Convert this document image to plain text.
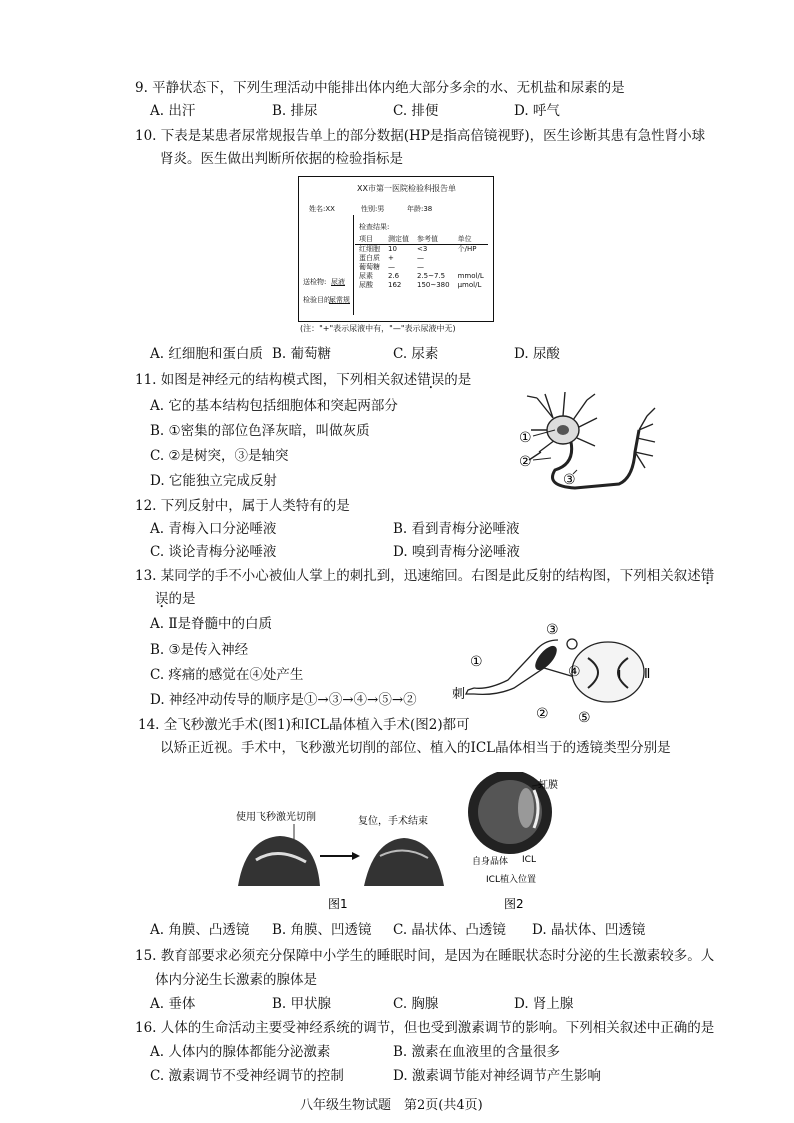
9. 平静状态下，下列生理活动中能排出体内绝大部分多余的水、无机盐和尿素的是
A. 出汗	B. 排尿	C. 排便	D. 呼气
10. 下表是某患者尿常规报告单上的部分数据(HP是指高倍镜视野)，医生诊断其患有急性肾小球
肾炎。医生做出判断所依据的检验指标是
XX市第一医院检验科报告单
姓名:XX	性别:男	年龄:38
检查结果:
送检物: 尿液
检验目的:
尿常规
项目	测定值	参考值	单位
红细胞	10	<3	个/HP
蛋白质	+	—	
葡萄糖	—	—	
尿素	2.6	2.5~7.5	mmol/L
尿酸	162	150~380	μmol/L
(注："+"表示尿液中有，"—"表示尿液中无)
A. 红细胞和蛋白质 B. 葡萄糖	C. 尿素	D. 尿酸
11. 如图是神经元的结构模式图，下列相关叙述错误的是
A. 它的基本结构包括细胞体和突起两部分
B. ①密集的部位色泽灰暗，叫做灰质
C. ②是树突，③是轴突
D. 它能独立完成反射
①
②
③
12. 下列反射中，属于人类特有的是
A. 青梅入口分泌唾液	B. 看到青梅分泌唾液
C. 谈论青梅分泌唾液	D. 嗅到青梅分泌唾液
13. 某同学的手不小心被仙人掌上的刺扎到，迅速缩回。右图是此反射的结构图，下列相关叙述错
误的是
A. Ⅱ是脊髓中的白质
B. ③是传入神经
C. 疼痛的感觉在④处产生
D. 神经冲动传导的顺序是①→③→④→⑤→②
③
①
④	Ⅰ Ⅱ
刺
② ⑤
14. 全飞秒激光手术(图1)和ICL晶体植入手术(图2)都可
以矫正近视。手术中，飞秒激光切削的部位、植入的ICL晶体相当于的透镜类型分别是
使用飞秒激光切削	复位，手术结束
图1
虹膜
自身晶体 ICL
ICL植入位置
图2
A. 角膜、凸透镜 B. 角膜、凹透镜 C. 晶状体、凸透镜 D. 晶状体、凹透镜
15. 教育部要求必须充分保障中小学生的睡眠时间，是因为在睡眠状态时分泌的生长激素较多。人
体内分泌生长激素的腺体是
A. 垂体	B. 甲状腺	C. 胸腺	D. 肾上腺
16. 人体的生命活动主要受神经系统的调节，但也受到激素调节的影响。下列相关叙述中正确的是
A. 人体内的腺体都能分泌激素	B. 激素在血液里的含量很多
C. 激素调节不受神经调节的控制	D. 激素调节能对神经调节产生影响
八年级生物试题　第2页(共4页)
